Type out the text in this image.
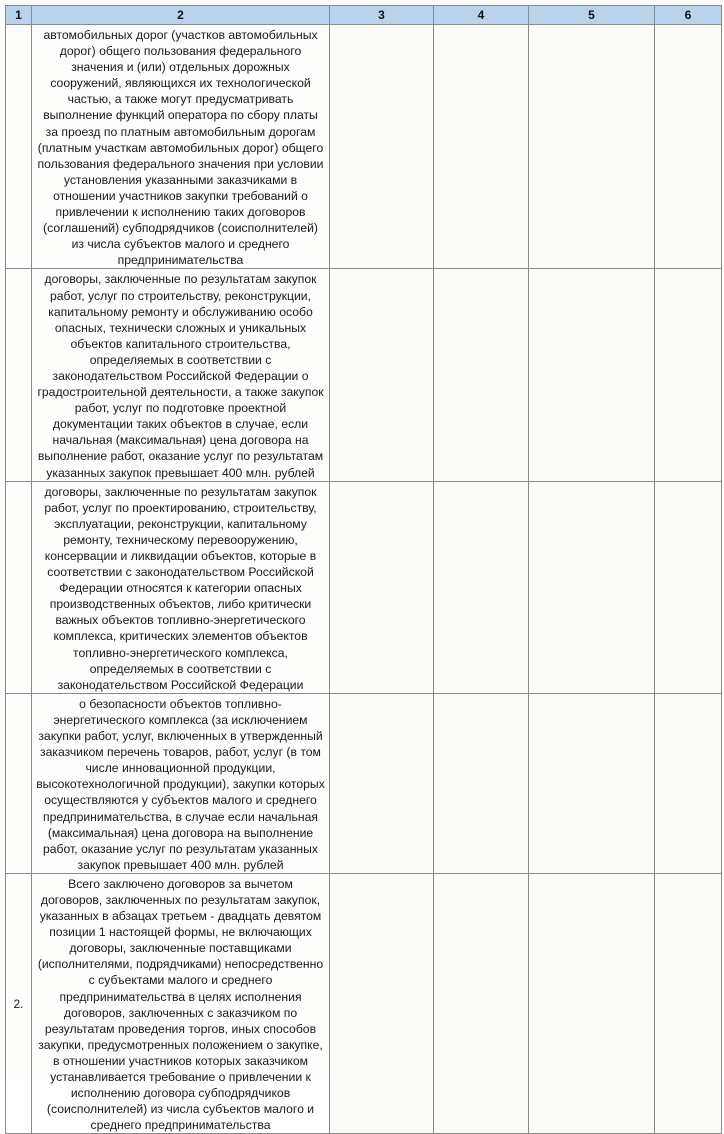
1	2	3	4	5	6

	автомобильных дорог (участков автомобильных дорог) общего пользования федерального значения и (или) отдельных дорожных сооружений, являющихся их технологической частью, а также могут предусматривать выполнение функций оператора по сбору платы за проезд по платным автомобильным дорогам (платным участкам автомобильных дорог) общего пользования федерального значения при условии установления указанными заказчиками в отношении участников закупки требований о привлечении к исполнению таких договоров (соглашений) субподрядчиков (соисполнителей) из числа субъектов малого и среднего предпринимательства				

	договоры, заключенные по результатам закупок работ, услуг по строительству, реконструкции, капитальному ремонту и обслуживанию особо опасных, технически сложных и уникальных объектов капитального строительства, определяемых в соответствии с законодательством Российской Федерации о градостроительной деятельности, а также закупок работ, услуг по подготовке проектной документации таких объектов в случае, если начальная (максимальная) цена договора на выполнение работ, оказание услуг по результатам указанных закупок превышает 400 млн. рублей				

	договоры, заключенные по результатам закупок работ, услуг по проектированию, строительству, эксплуатации, реконструкции, капитальному ремонту, техническому перевооружению, консервации и ликвидации объектов, которые в соответствии с законодательством Российской Федерации относятся к категории опасных производственных объектов, либо критически важных объектов топливно-энергетического комплекса, критических элементов объектов топливно-энергетического комплекса, определяемых в соответствии с законодательством Российской Федерации				

	о безопасности объектов топливно-энергетического комплекса (за исключением закупки работ, услуг, включенных в утвержденный заказчиком перечень товаров, работ, услуг (в том числе инновационной продукции, высокотехнологичной продукции), закупки которых осуществляются у субъектов малого и среднего предпринимательства, в случае если начальная (максимальная) цена договора на выполнение работ, оказание услуг по результатам указанных закупок превышает 400 млн. рублей				

2.	Всего заключено договоров за вычетом договоров, заключенных по результатам закупок, указанных в абзацах третьем - двадцать девятом позиции 1 настоящей формы, не включающих договоры, заключенные поставщиками (исполнителями, подрядчиками) непосредственно с субъектами малого и среднего предпринимательства в целях исполнения договоров, заключенных с заказчиком по результатам проведения торгов, иных способов закупки, предусмотренных положением о закупке, в отношении участников которых заказчиком устанавливается требование о привлечении к исполнению договора субподрядчиков (соисполнителей) из числа субъектов малого и среднего предпринимательства				
